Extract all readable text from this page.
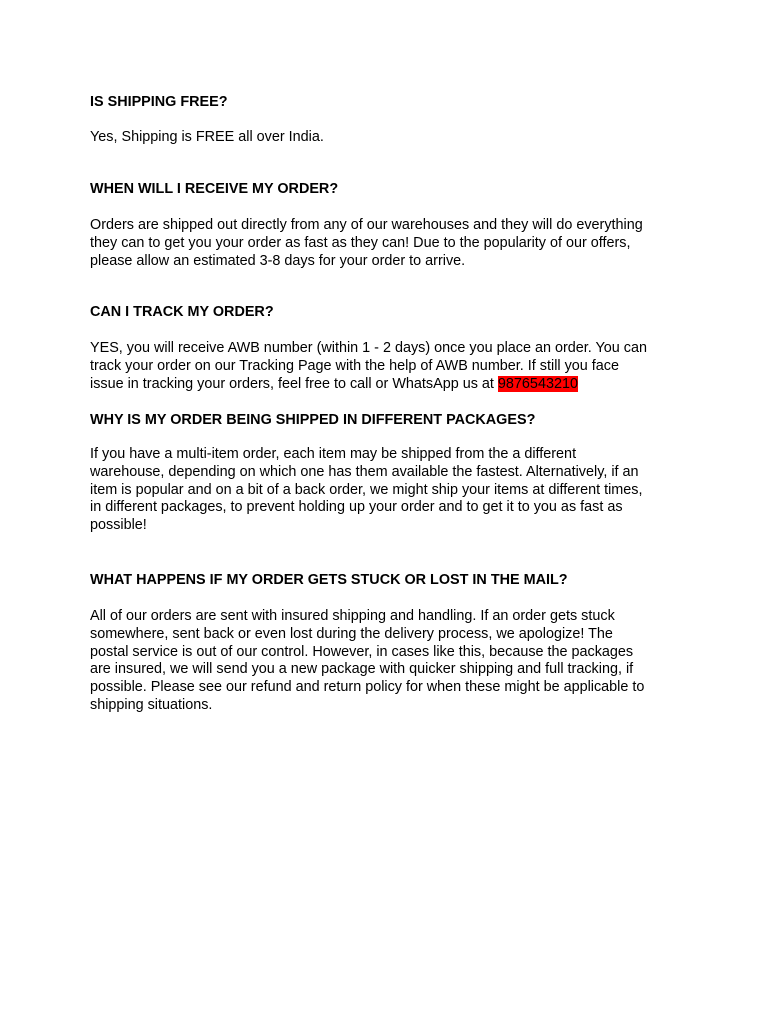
IS SHIPPING FREE?

Yes, Shipping is FREE all over India.

WHEN WILL I RECEIVE MY ORDER?

Orders are shipped out directly from any of our warehouses and they will do everything
they can to get you your order as fast as they can! Due to the popularity of our offers,
please allow an estimated 3-8 days for your order to arrive.

CAN I TRACK MY ORDER?

YES, you will receive AWB number (within 1 - 2 days) once you place an order. You can
track your order on our Tracking Page with the help of AWB number. If still you face
issue in tracking your orders, feel free to call or WhatsApp us at 9876543210

WHY IS MY ORDER BEING SHIPPED IN DIFFERENT PACKAGES?

If you have a multi-item order, each item may be shipped from the a different
warehouse, depending on which one has them available the fastest. Alternatively, if an
item is popular and on a bit of a back order, we might ship your items at different times,
in different packages, to prevent holding up your order and to get it to you as fast as
possible!

WHAT HAPPENS IF MY ORDER GETS STUCK OR LOST IN THE MAIL?

All of our orders are sent with insured shipping and handling. If an order gets stuck
somewhere, sent back or even lost during the delivery process, we apologize! The
postal service is out of our control. However, in cases like this, because the packages
are insured, we will send you a new package with quicker shipping and full tracking, if
possible. Please see our refund and return policy for when these might be applicable to
shipping situations.
